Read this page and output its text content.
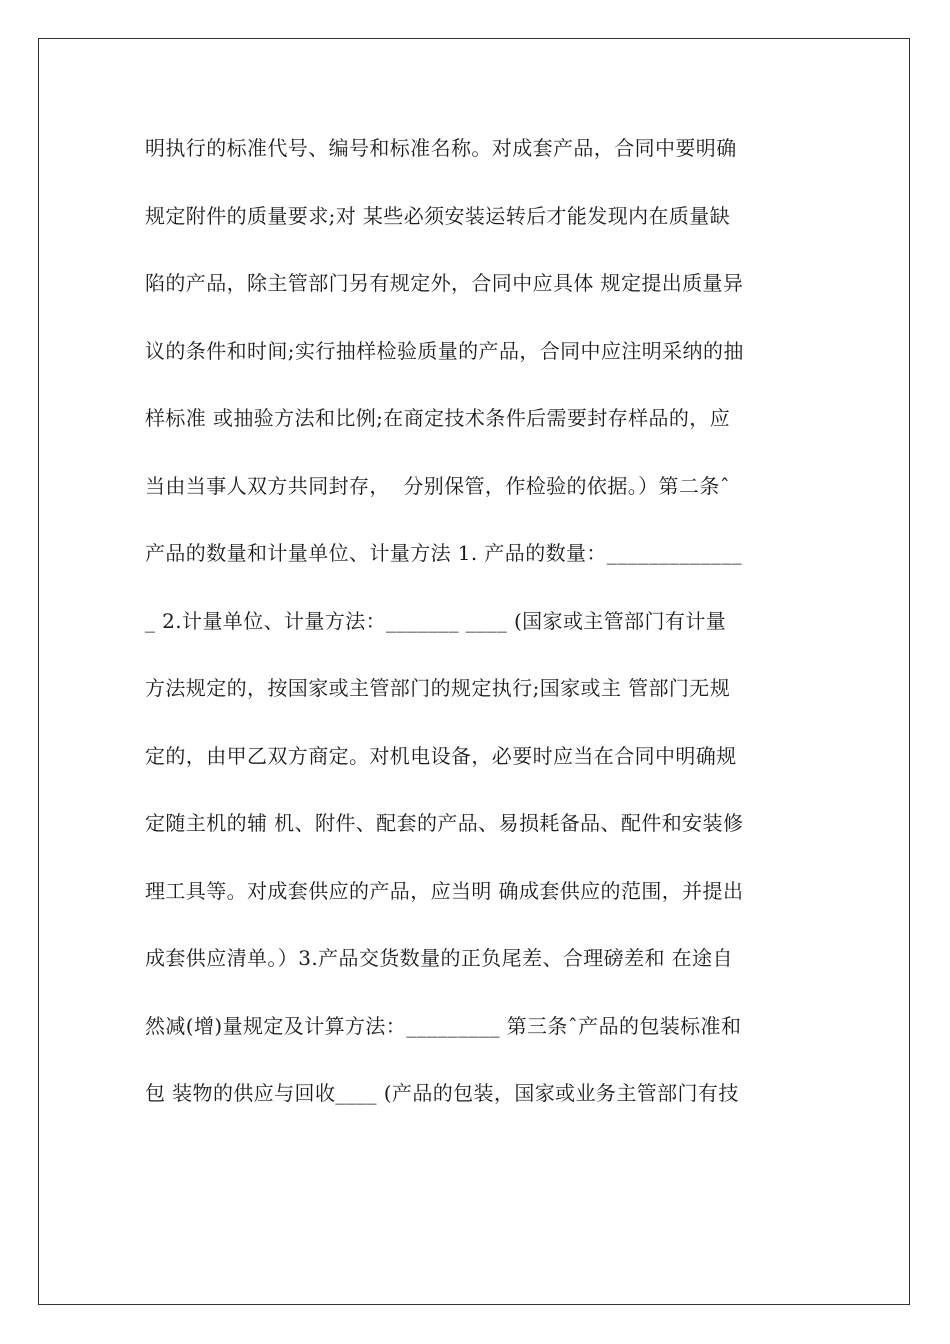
明执行的标准代号、编号和标准名称。对成套产品，合同中要明确
规定附件的质量要求;对 某些必须安装运转后才能发现内在质量缺
陷的产品，除主管部门另有规定外，合同中应具体 规定提出质量异
议的条件和时间;实行抽样检验质量的产品，合同中应注明采纳的抽
样标准 或抽验方法和比例;在商定技术条件后需要封存样品的，应
当由当事人双方共同封存，  分别保管，作检验的依据。）第二条ˆ
产品的数量和计量单位、计量方法 1. 产品的数量：_____________
_ 2.计量单位、计量方法：_______ ____ (国家或主管部门有计量
方法规定的，按国家或主管部门的规定执行;国家或主 管部门无规
定的，由甲乙双方商定。对机电设备，必要时应当在合同中明确规
定随主机的辅 机、附件、配套的产品、易损耗备品、配件和安装修
理工具等。对成套供应的产品，应当明 确成套供应的范围，并提出
成套供应清单。）3.产品交货数量的正负尾差、合理磅差和 在途自
然减(增)量规定及计算方法：_________ 第三条ˆ产品的包装标准和
包 装物的供应与回收____ (产品的包装，国家或业务主管部门有技
